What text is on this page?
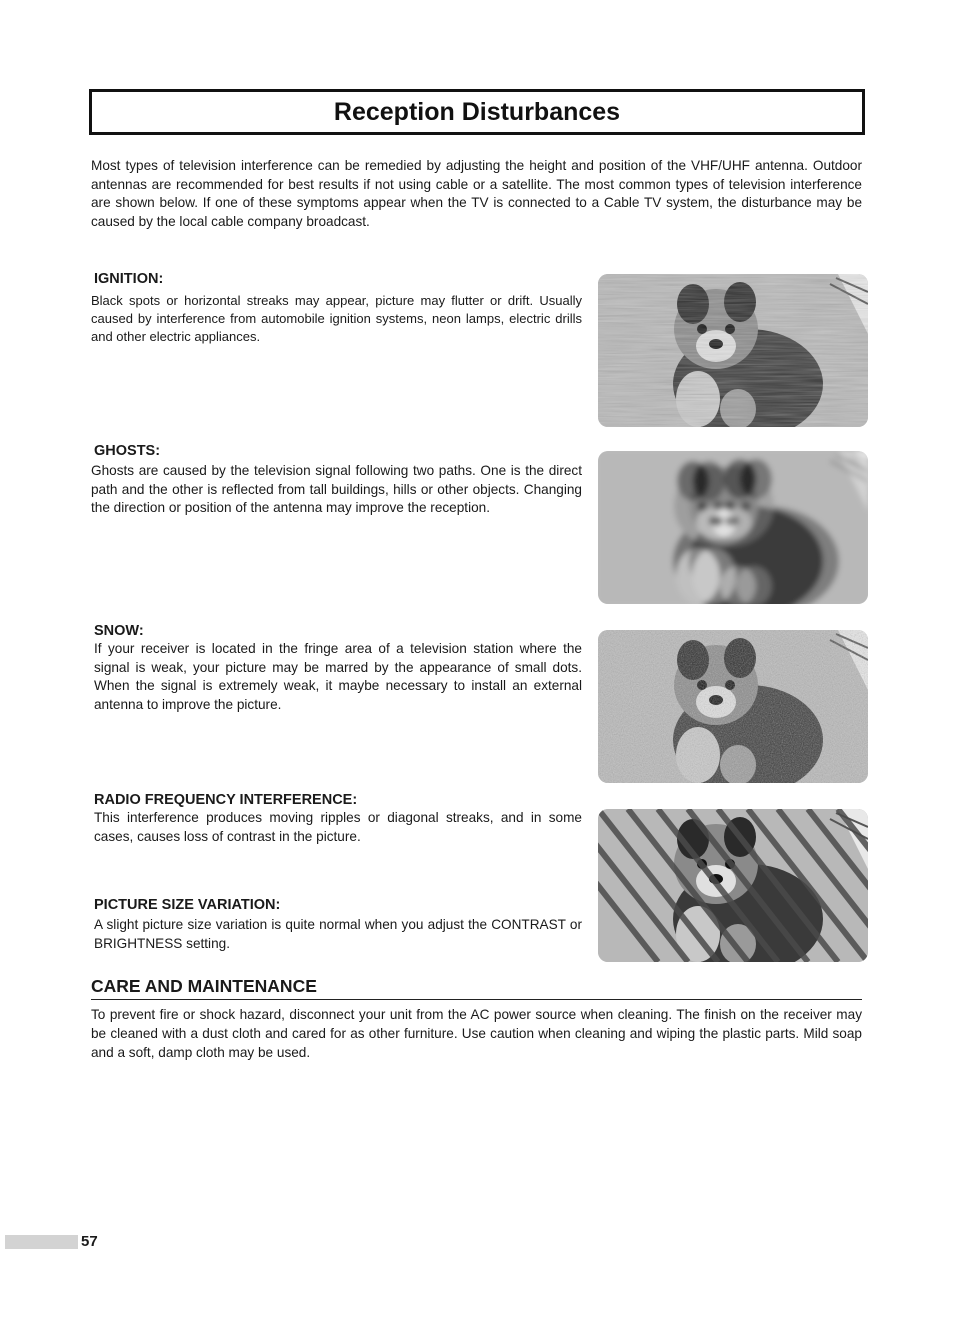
Reception Disturbances

Most types of television interference can be remedied by adjusting the height and position of the VHF/UHF antenna. Outdoor antennas are recommended for best results if not using cable or a satellite. The most common types of television interference are shown below. If one of these symptoms appear when the TV is connected to a Cable TV system, the disturbance may be caused by the local cable company broadcast.

IGNITION:

Black spots or horizontal streaks may appear, picture may flutter or drift. Usually caused by interference from automobile ignition systems, neon lamps, electric drills and other electric appliances.

GHOSTS:

Ghosts are caused by the television signal following two paths. One is the direct path and the other is reflected from tall buildings, hills or other objects. Changing the direction or position of the antenna may improve the reception.

SNOW:

If your receiver is located in the fringe area of a television station where the signal is weak, your picture may be marred by the appearance of small dots. When the signal is extremely weak, it maybe necessary to install an external antenna to improve the picture.

RADIO FREQUENCY INTERFERENCE:

This interference produces moving ripples or diagonal streaks, and in some cases, causes loss of contrast in the picture.

PICTURE SIZE VARIATION:

A slight picture size variation is quite normal when you adjust the CONTRAST or BRIGHTNESS setting.

CARE AND MAINTENANCE

To prevent fire or shock hazard, disconnect your unit from the AC power source when cleaning. The finish on the receiver may be cleaned with a dust cloth and cared for as other furniture. Use caution when cleaning and wiping the plastic parts. Mild soap and a soft, damp cloth may be used.

57
